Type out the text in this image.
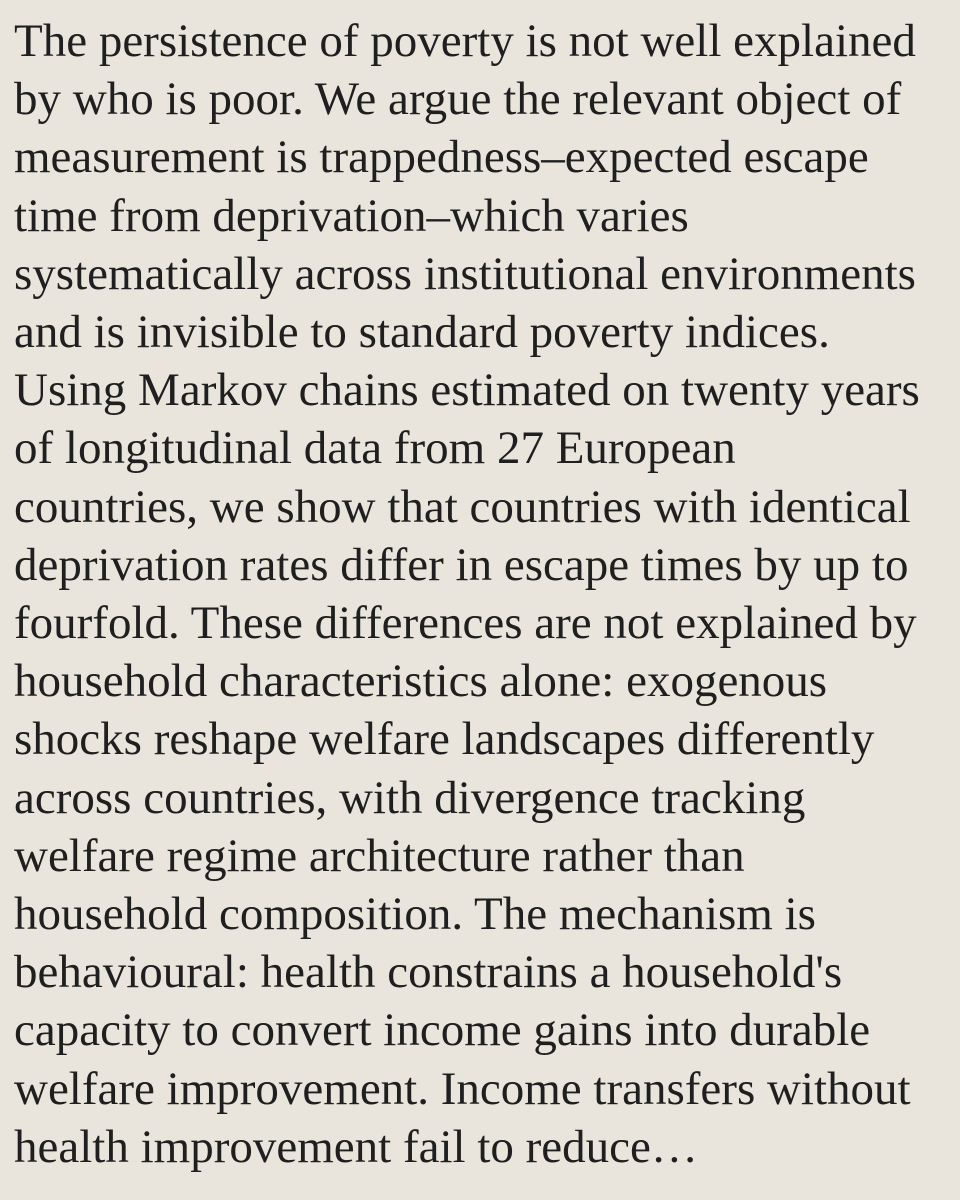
The persistence of poverty is not well explained
by who is poor. We argue the relevant object of
measurement is trappedness–expected escape
time from deprivation–which varies
systematically across institutional environments
and is invisible to standard poverty indices.
Using Markov chains estimated on twenty years
of longitudinal data from 27 European
countries, we show that countries with identical
deprivation rates differ in escape times by up to
fourfold. These differences are not explained by
household characteristics alone: exogenous
shocks reshape welfare landscapes differently
across countries, with divergence tracking
welfare regime architecture rather than
household composition. The mechanism is
behavioural: health constrains a household's
capacity to convert income gains into durable
welfare improvement. Income transfers without
health improvement fail to reduce…
